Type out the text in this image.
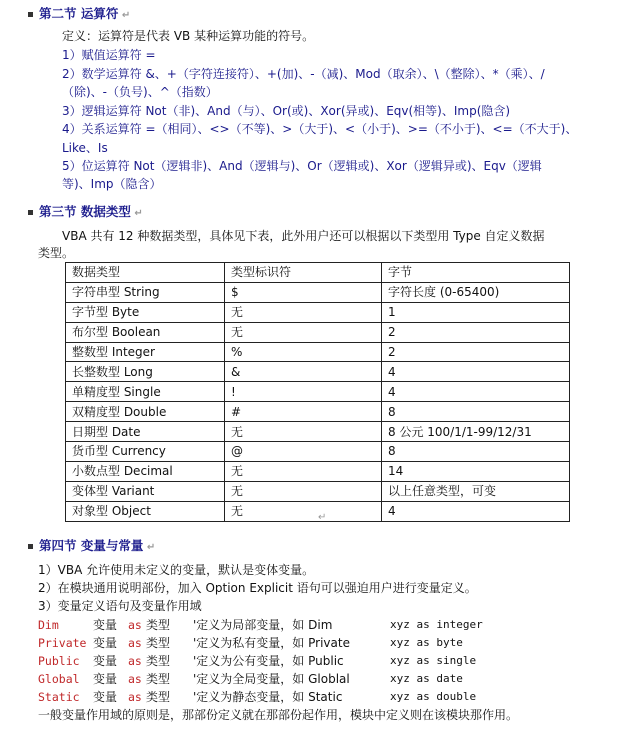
第二节 运算符 ↵
定义：运算符是代表 VB 某种运算功能的符号。
1）赋值运算符 =
2）数学运算符 &、+（字符连接符）、+(加)、-（减)、Mod（取余）、\（整除）、*（乘）、/
（除)、-（负号)、^（指数）
3）逻辑运算符 Not（非)、And（与）、Or(或)、Xor(异或)、Eqv(相等)、Imp(隐含)
4）关系运算符 =（相同）、<>（不等)、>（大于)、<（小于)、>=（不小于)、<=（不大于)、
Like、Is
5）位运算符 Not（逻辑非)、And（逻辑与)、Or（逻辑或)、Xor（逻辑异或)、Eqv（逻辑
等)、Imp（隐含）
第三节 数据类型 ↵
VBA 共有 12 种数据类型，具体见下表，此外用户还可以根据以下类型用 Type 自定义数据
类型。
数据类型	类型标识符	字节
字符串型 String	$	字符长度 (0-65400)
字节型 Byte	无	1
布尔型 Boolean	无	2
整数型 Integer	%	2
长整数型 Long	&	4
单精度型 Single	!	4
双精度型 Double	#	8
日期型 Date	无	8 公元 100/1/1-99/12/31
货币型 Currency	@	8
小数点型 Decimal	无	14
变体型 Variant	无	以上任意类型，可变
对象型 Object	无	4
↵
第四节 变量与常量 ↵
1）VBA 允许使用未定义的变量，默认是变体变量。
2）在模块通用说明部份，加入 Option Explicit 语句可以强迫用户进行变量定义。
3）变量定义语句及变量作用域
Dim	变量 as 类型 '定义为局部变量，如 Dim	xyz as integer
Private 变量 as 类型 '定义为私有变量，如 Private	xyz as byte
Public 变量 as 类型 '定义为公有变量，如 Public	xyz as single
Global 变量 as 类型 '定义为全局变量，如 Globlal	xyz as date
Static 变量 as 类型 '定义为静态变量，如 Static	xyz as double
一般变量作用域的原则是，那部份定义就在那部份起作用，模块中定义则在该模块那作用。
